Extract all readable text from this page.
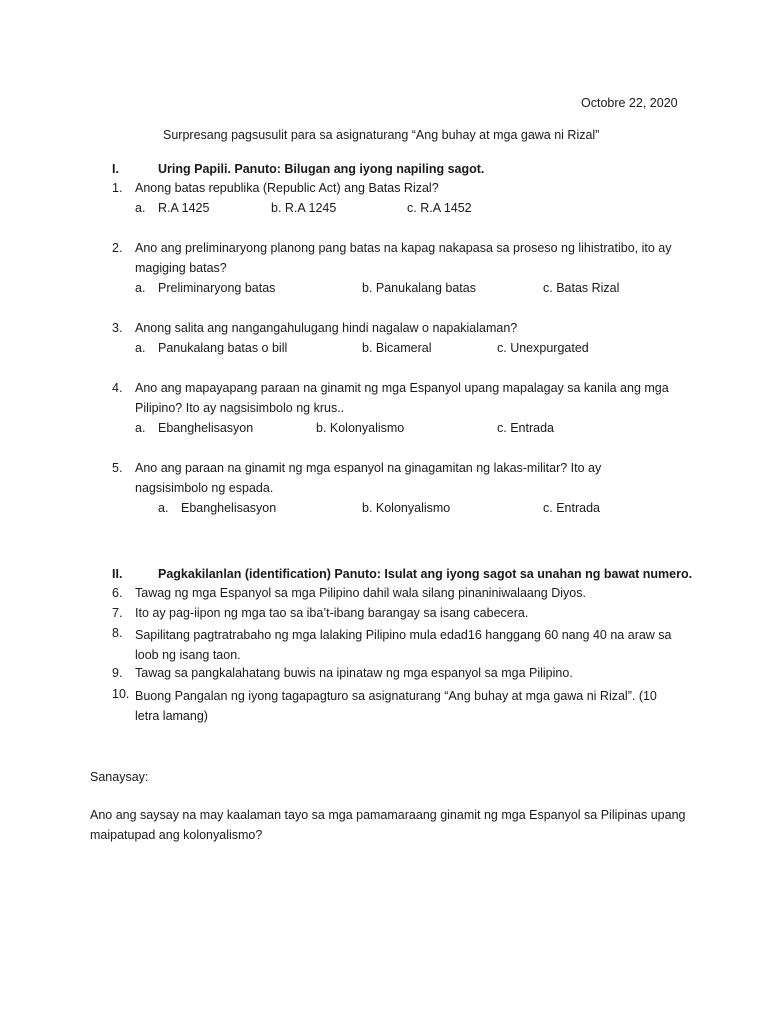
Octobre 22, 2020
Surpresang pagsusulit para sa asignaturang “Ang buhay at mga gawa ni Rizal”
I.	Uring Papili. Panuto: Bilugan ang iyong napiling sagot.
1. Anong batas republika (Republic Act) ang Batas Rizal?
a. R.A 1425	b. R.A 1245	c. R.A 1452
2. Ano ang preliminaryong planong pang batas na kapag nakapasa sa proseso ng lihistratibo, ito ay
magiging batas?
a. Preliminaryong batas	b. Panukalang batas	c. Batas Rizal
3. Anong salita ang nangangahulugang hindi nagalaw o napakialaman?
a. Panukalang batas o bill	b. Bicameral	c. Unexpurgated
4. Ano ang mapayapang paraan na ginamit ng mga Espanyol upang mapalagay sa kanila ang mga
Pilipino? Ito ay nagsisimbolo ng krus..
a. Ebanghelisasyon	b. Kolonyalismo	c. Entrada
5. Ano ang paraan na ginamit ng mga espanyol na ginagamitan ng lakas-militar? Ito ay
nagsisimbolo ng espada.
a. Ebanghelisasyon	b. Kolonyalismo	c. Entrada
II.	Pagkakilanlan (identification) Panuto: Isulat ang iyong sagot sa unahan ng bawat numero.
6. Tawag ng mga Espanyol sa mga Pilipino dahil wala silang pinaniniwalaang Diyos.
7. Ito ay pag-iipon ng mga tao sa iba’t-ibang barangay sa isang cabecera.
8. Sapilitang pagtratrabaho ng mga lalaking Pilipino mula edad16 hanggang 60 nang 40 na araw sa loob ng isang taon.
9. Tawag sa pangkalahatang buwis na ipinataw ng mga espanyol sa mga Pilipino.
10. Buong Pangalan ng iyong tagapagturo sa asignaturang “Ang buhay at mga gawa ni Rizal”. (10 letra lamang)
Sanaysay:
Ano ang saysay na may kaalaman tayo sa mga pamamaraang ginamit ng mga Espanyol sa Pilipinas upang maipatupad ang kolonyalismo?
